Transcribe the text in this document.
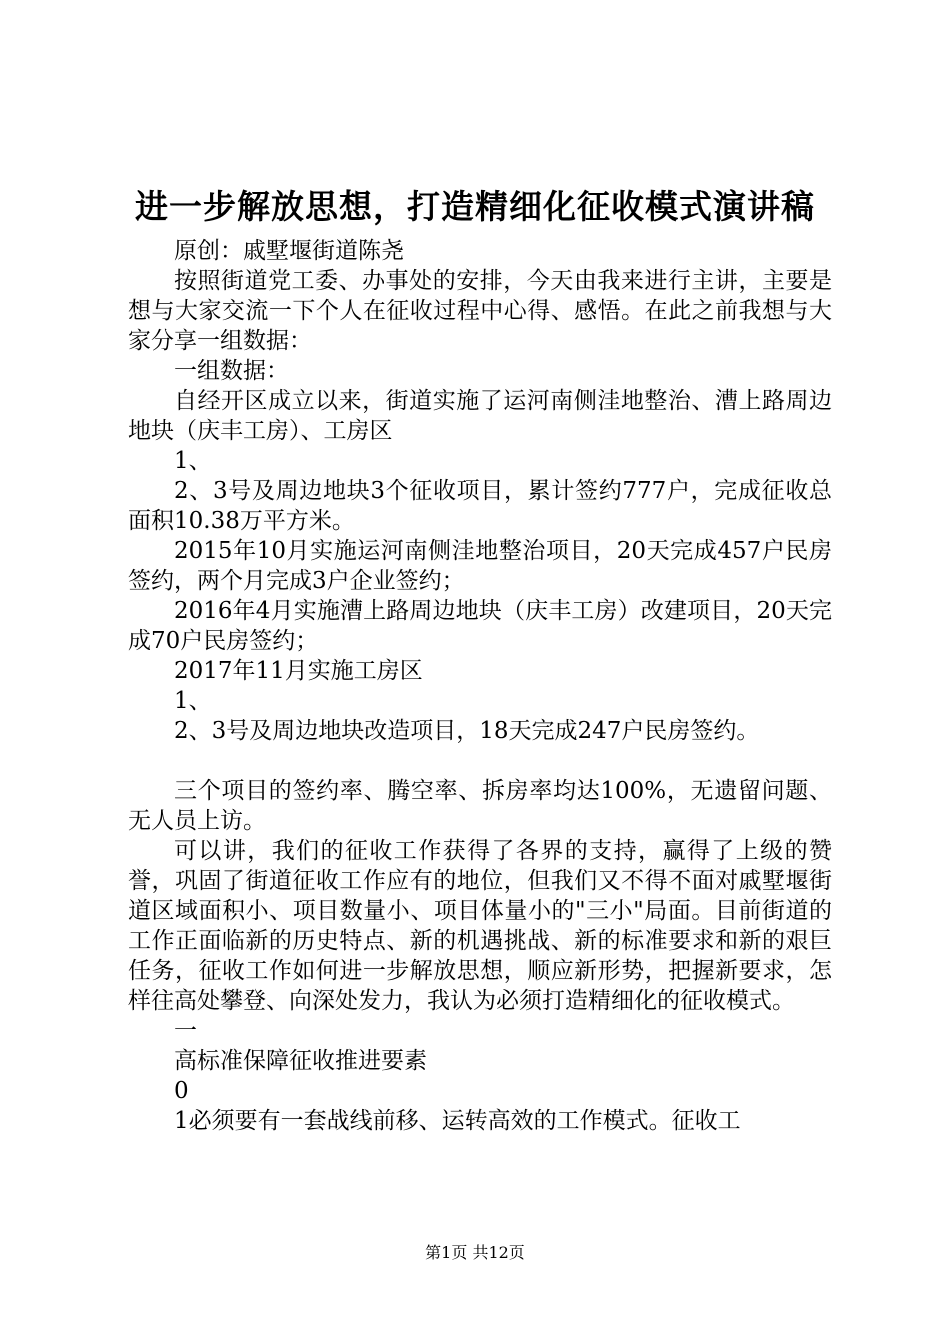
进一步解放思想，打造精细化征收模式演讲稿

原创：戚墅堰街道陈尧

按照街道党工委、办事处的安排，今天由我来进行主讲，主要是想与大家交流一下个人在征收过程中心得、感悟。在此之前我想与大家分享一组数据：

一组数据：

自经开区成立以来，街道实施了运河南侧洼地整治、漕上路周边地块（庆丰工房）、工房区

1、

2、3号及周边地块3个征收项目，累计签约777户，完成征收总面积10.38万平方米。

2015年10月实施运河南侧洼地整治项目，20天完成457户民房签约，两个月完成3户企业签约；

2016年4月实施漕上路周边地块（庆丰工房）改建项目，20天完成70户民房签约；

2017年11月实施工房区

1、

2、3号及周边地块改造项目，18天完成247户民房签约。

三个项目的签约率、腾空率、拆房率均达100%，无遗留问题、无人员上访。

可以讲，我们的征收工作获得了各界的支持，赢得了上级的赞誉，巩固了街道征收工作应有的地位，但我们又不得不面对戚墅堰街道区域面积小、项目数量小、项目体量小的"三小"局面。目前街道的工作正面临新的历史特点、新的机遇挑战、新的标准要求和新的艰巨任务，征收工作如何进一步解放思想，顺应新形势，把握新要求，怎样往高处攀登、向深处发力，我认为必须打造精细化的征收模式。

一

高标准保障征收推进要素

0

1必须要有一套战线前移、运转高效的工作模式。征收工

第1页 共12页
